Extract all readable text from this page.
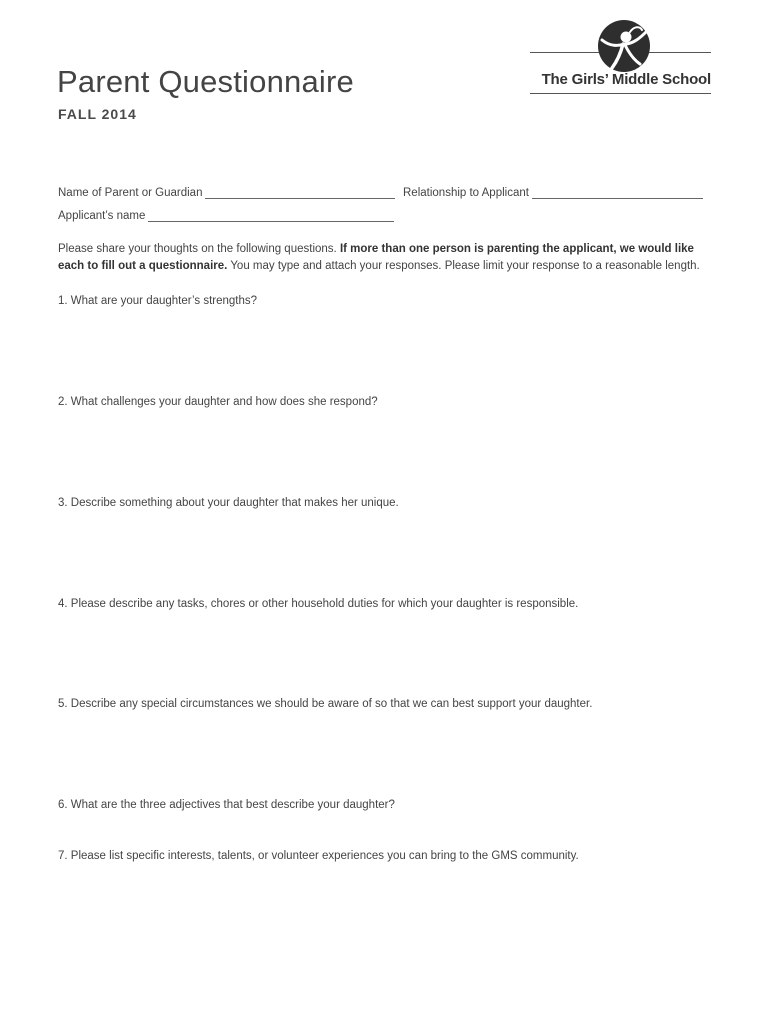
Parent Questionnaire
FALL 2014
The Girls’ Middle School
Name of Parent or Guardian	Relationship to Applicant
Applicant’s name
Please share your thoughts on the following questions. If more than one person is parenting the applicant, we would like each to fill out a questionnaire. You may type and attach your responses. Please limit your response to a reasonable length.
1. What are your daughter’s strengths?
2. What challenges your daughter and how does she respond?
3. Describe something about your daughter that makes her unique.
4. Please describe any tasks, chores or other household duties for which your daughter is responsible.
5. Describe any special circumstances we should be aware of so that we can best support your daughter.
6. What are the three adjectives that best describe your daughter?
7. Please list specific interests, talents, or volunteer experiences you can bring to the GMS community.
